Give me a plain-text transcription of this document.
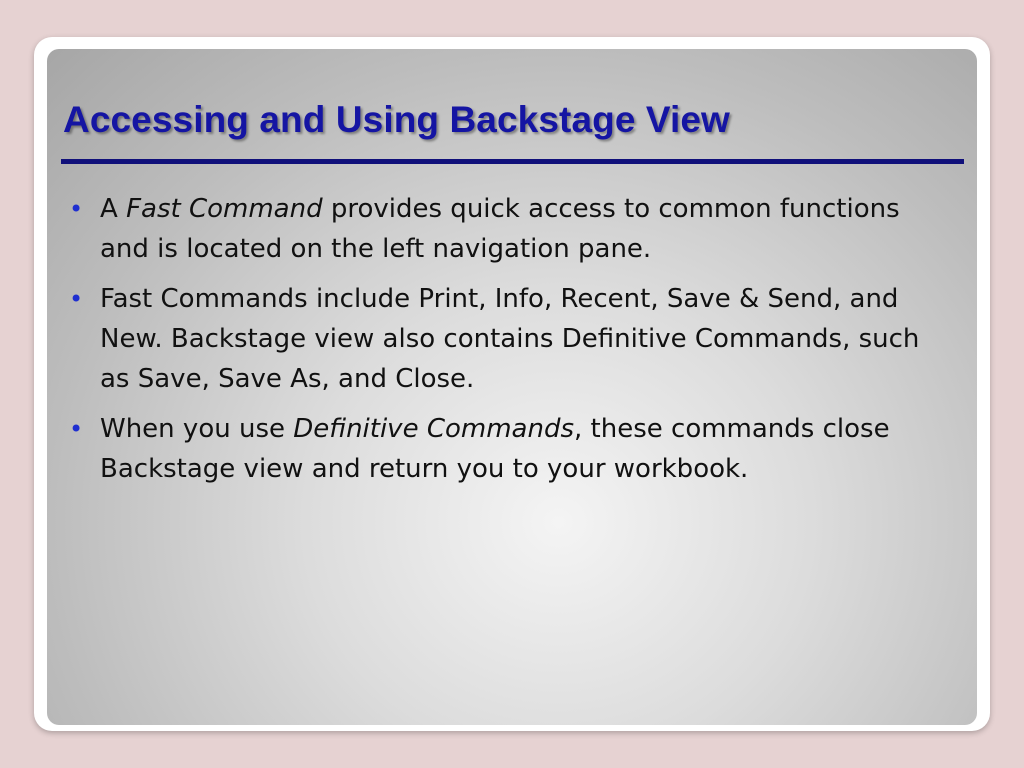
Accessing and Using Backstage View
• A Fast Command provides quick access to common functions and is located on the left navigation pane.
• Fast Commands include Print, Info, Recent, Save & Send, and New. Backstage view also contains Definitive Commands, such as Save, Save As, and Close.
• When you use Definitive Commands, these commands close Backstage view and return you to your workbook.
